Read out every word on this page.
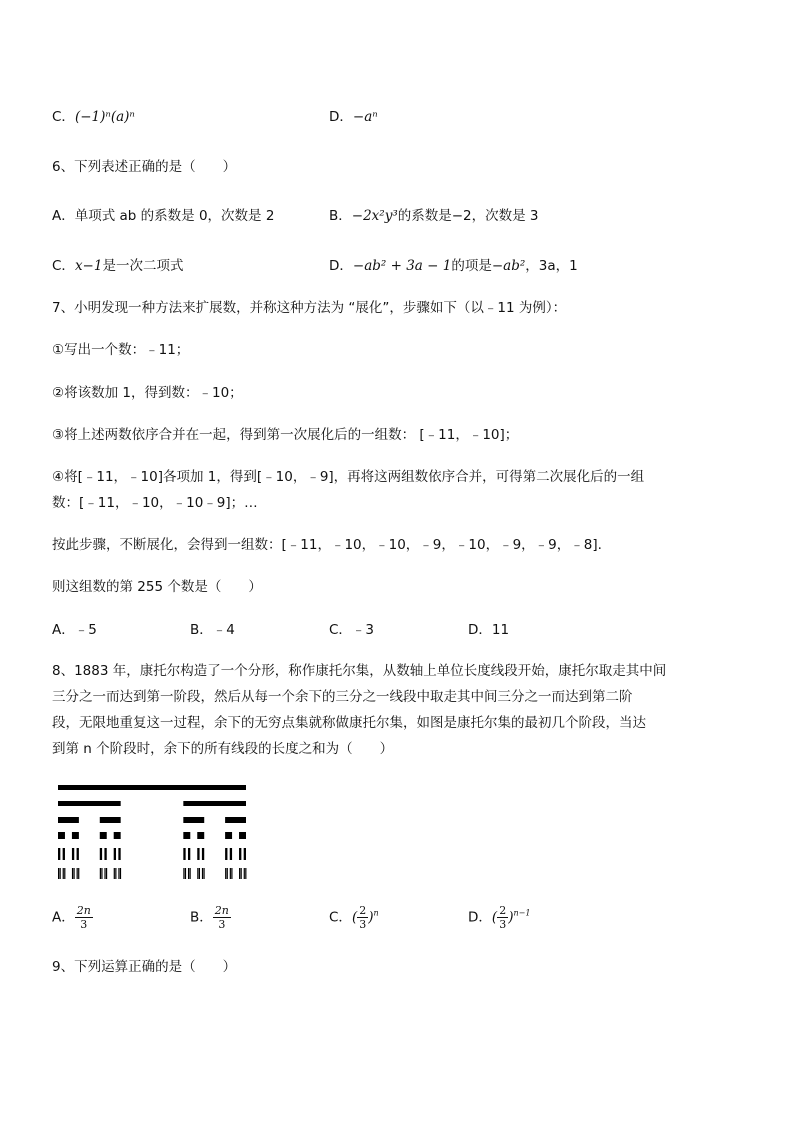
C．(−1)ⁿ(a)ⁿ	D．−aⁿ
6、下列表述正确的是（　　）
A．单项式 ab 的系数是 0，次数是 2	B．−2x²y³的系数是−2，次数是 3
C．x−1是一次二项式	D．−ab² + 3a − 1的项是−ab²，3a，1
7、小明发现一种方法来扩展数，并称这种方法为 “展化”，步骤如下（以﹣11 为例）：
①写出一个数：﹣11；
②将该数加 1，得到数：﹣10；
③将上述两数依序合并在一起，得到第一次展化后的一组数： [﹣11，﹣10]；
④将[﹣11，﹣10]各项加 1，得到[﹣10，﹣9]，再将这两组数依序合并，可得第二次展化后的一组
数：[﹣11，﹣10，﹣10﹣9]；…
按此步骤，不断展化，会得到一组数：[﹣11，﹣10，﹣10，﹣9，﹣10，﹣9，﹣9，﹣8].
则这组数的第 255 个数是（　　）
A．﹣5	B．﹣4	C．﹣3	D．11
8、1883 年，康托尔构造了一个分形，称作康托尔集，从数轴上单位长度线段开始，康托尔取走其中间
三分之一而达到第一阶段，然后从每一个余下的三分之一线段中取走其中间三分之一而达到第二阶
段，无限地重复这一过程，余下的无穷点集就称做康托尔集，如图是康托尔集的最初几个阶段，当达
到第 n 个阶段时，余下的所有线段的长度之和为（　　）
A． $\frac{2n}{3}$	B． $\frac{2n}{3}$	C．( $\frac{2}{3} )^n$	D．( $\frac{2}{3} )^{n-1}$
9、下列运算正确的是（　　）
